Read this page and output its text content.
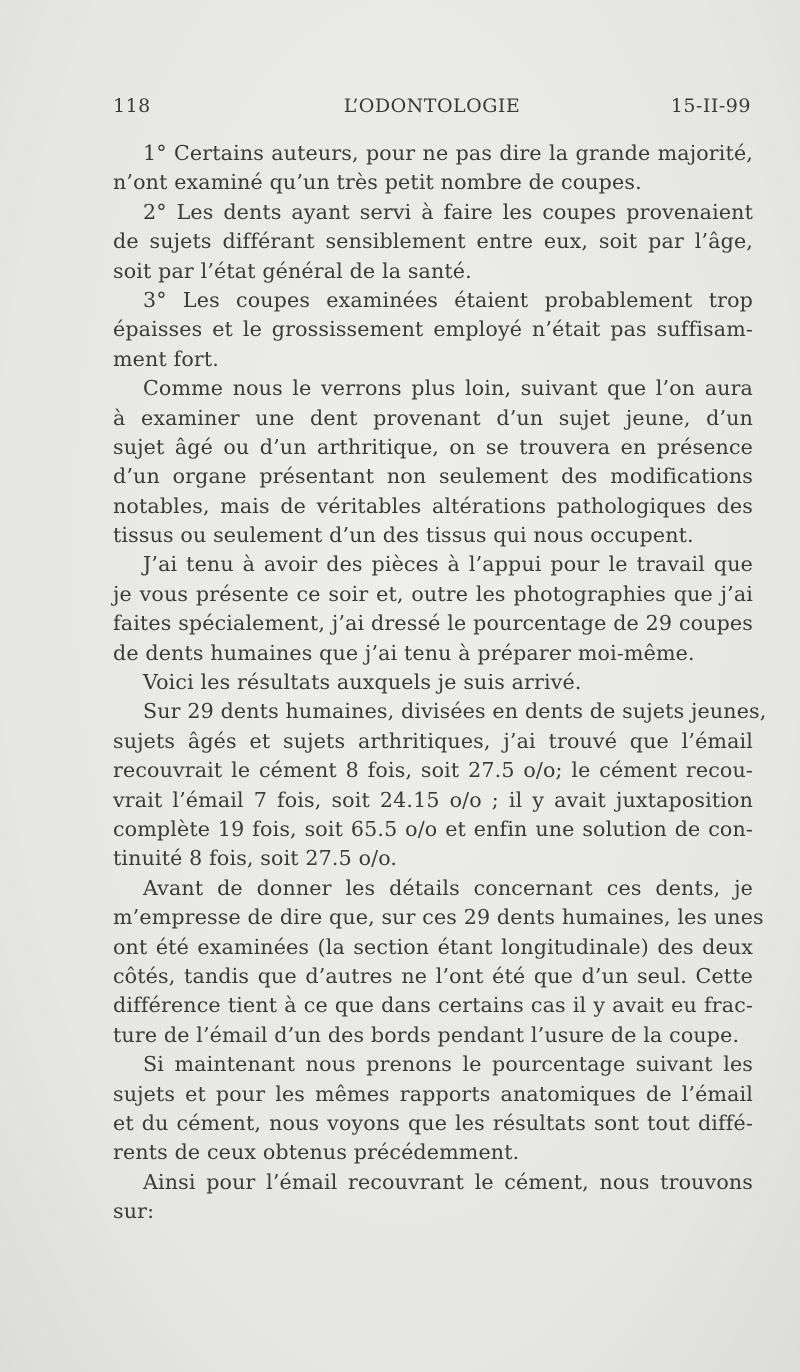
118	L’ODONTOLOGIE	15-II-99
1° Certains auteurs, pour ne pas dire la grande majorité,
n’ont examiné qu’un très petit nombre de coupes.
2° Les dents ayant servi à faire les coupes provenaient
de sujets différant sensiblement entre eux, soit par l’âge,
soit par l’état général de la santé.
3° Les coupes examinées étaient probablement trop
épaisses et le grossissement employé n’était pas suffisam-
ment fort.
Comme nous le verrons plus loin, suivant que l’on aura
à examiner une dent provenant d’un sujet jeune, d’un
sujet âgé ou d’un arthritique, on se trouvera en présence
d’un organe présentant non seulement des modifications
notables, mais de véritables altérations pathologiques des
tissus ou seulement d’un des tissus qui nous occupent.
J’ai tenu à avoir des pièces à l’appui pour le travail que
je vous présente ce soir et, outre les photographies que j’ai
faites spécialement, j’ai dressé le pourcentage de 29 coupes
de dents humaines que j’ai tenu à préparer moi-même.
Voici les résultats auxquels je suis arrivé.
Sur 29 dents humaines, divisées en dents de sujets jeunes,
sujets âgés et sujets arthritiques, j’ai trouvé que l’émail
recouvrait le cément 8 fois, soit 27.5 o/o; le cément recou-
vrait l’émail 7 fois, soit 24.15 o/o ; il y avait juxtaposition
complète 19 fois, soit 65.5 o/o et enfin une solution de con-
tinuité 8 fois, soit 27.5 o/o.
Avant de donner les détails concernant ces dents, je
m’empresse de dire que, sur ces 29 dents humaines, les unes
ont été examinées (la section étant longitudinale) des deux
côtés, tandis que d’autres ne l’ont été que d’un seul. Cette
différence tient à ce que dans certains cas il y avait eu frac-
ture de l’émail d’un des bords pendant l’usure de la coupe.
Si maintenant nous prenons le pourcentage suivant les
sujets et pour les mêmes rapports anatomiques de l’émail
et du cément, nous voyons que les résultats sont tout diffé-
rents de ceux obtenus précédemment.
Ainsi pour l’émail recouvrant le cément, nous trouvons
sur:
